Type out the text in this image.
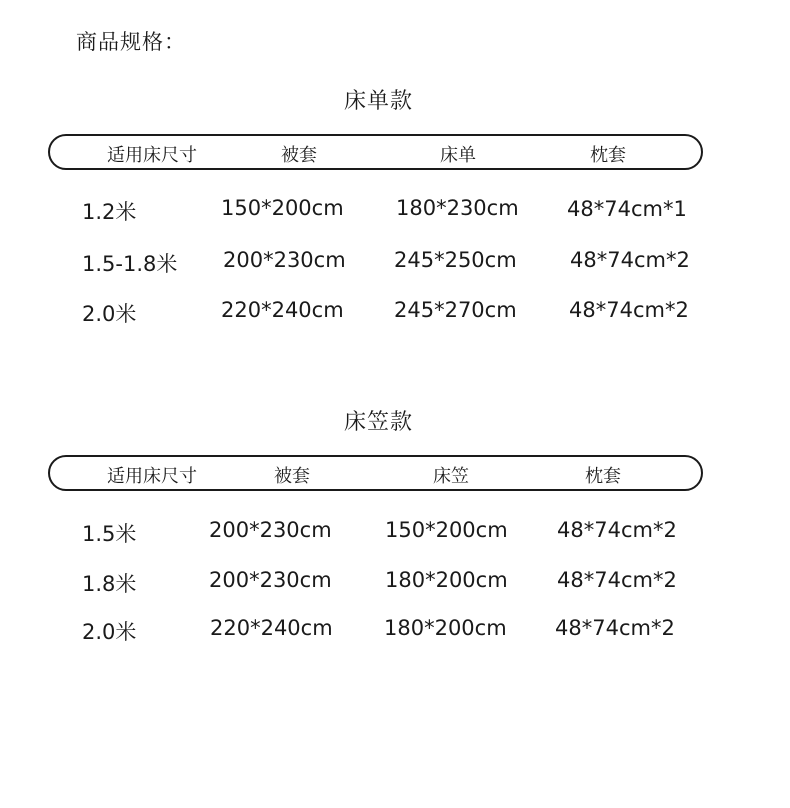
商品规格：
床单款
适用床尺寸	被套	床单	枕套
1.2米	150*200cm 180*230cm 48*74cm*1
1.5-1.8米 200*230cm 245*250cm	48*74cm*2
2.0米	220*240cm 245*270cm 48*74cm*2
床笠款
适用床尺寸	被套	床笠	枕套
1.5米	200*230cm	150*200cm 48*74cm*2
1.8米	200*230cm	180*200cm 48*74cm*2
2.0米	220*240cm 180*200cm 48*74cm*2
